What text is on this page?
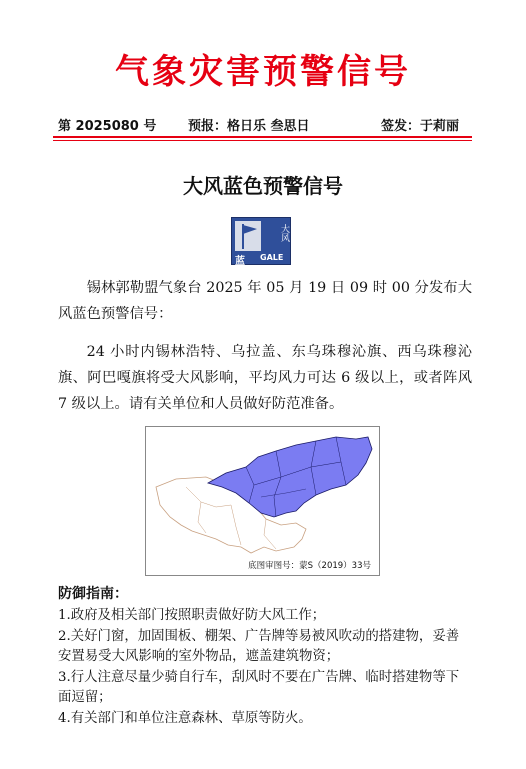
气象灾害预警信号
第 2025080 号 预报：格日乐 叁思日	签发：于莉丽
大风蓝色预警信号
大风
蓝 GALE
锡林郭勒盟气象台 2025 年 05 月 19 日 09 时 00 分发布大风蓝色预警信号：
24 小时内锡林浩特、乌拉盖、东乌珠穆沁旗、西乌珠穆沁旗、阿巴嘎旗将受大风影响，平均风力可达 6 级以上，或者阵风 7 级以上。请有关单位和人员做好防范准备。
底图审图号：蒙S（2019）33号
防御指南：
1.政府及相关部门按照职责做好防大风工作；
2.关好门窗，加固围板、棚架、广告牌等易被风吹动的搭建物，妥善安置易受大风影响的室外物品，遮盖建筑物资；
3.行人注意尽量少骑自行车，刮风时不要在广告牌、临时搭建物等下面逗留；
4.有关部门和单位注意森林、草原等防火。
